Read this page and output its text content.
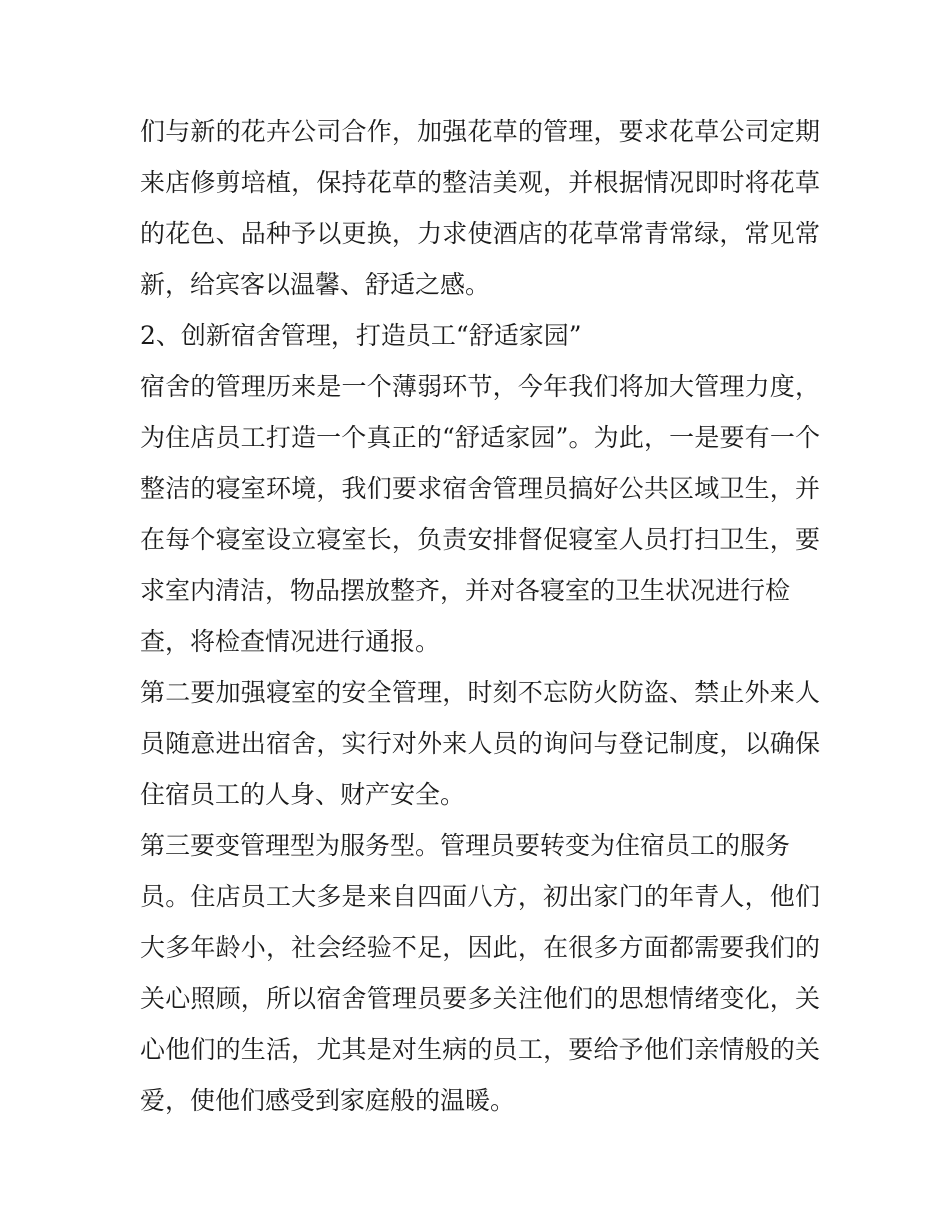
们与新的花卉公司合作，加强花草的管理，要求花草公司定期
来店修剪培植，保持花草的整洁美观，并根据情况即时将花草
的花色、品种予以更换，力求使酒店的花草常青常绿，常见常
新，给宾客以温馨、舒适之感。
2、创新宿舍管理，打造员工“舒适家园”
宿舍的管理历来是一个薄弱环节，今年我们将加大管理力度，
为住店员工打造一个真正的“舒适家园”。为此，一是要有一个
整洁的寝室环境，我们要求宿舍管理员搞好公共区域卫生，并
在每个寝室设立寝室长，负责安排督促寝室人员打扫卫生，要
求室内清洁，物品摆放整齐，并对各寝室的卫生状况进行检
查，将检查情况进行通报。
第二要加强寝室的安全管理，时刻不忘防火防盗、禁止外来人
员随意进出宿舍，实行对外来人员的询问与登记制度，以确保
住宿员工的人身、财产安全。
第三要变管理型为服务型。管理员要转变为住宿员工的服务
员。住店员工大多是来自四面八方，初出家门的年青人，他们
大多年龄小，社会经验不足，因此，在很多方面都需要我们的
关心照顾，所以宿舍管理员要多关注他们的思想情绪变化，关
心他们的生活，尤其是对生病的员工，要给予他们亲情般的关
爱，使他们感受到家庭般的温暖。
